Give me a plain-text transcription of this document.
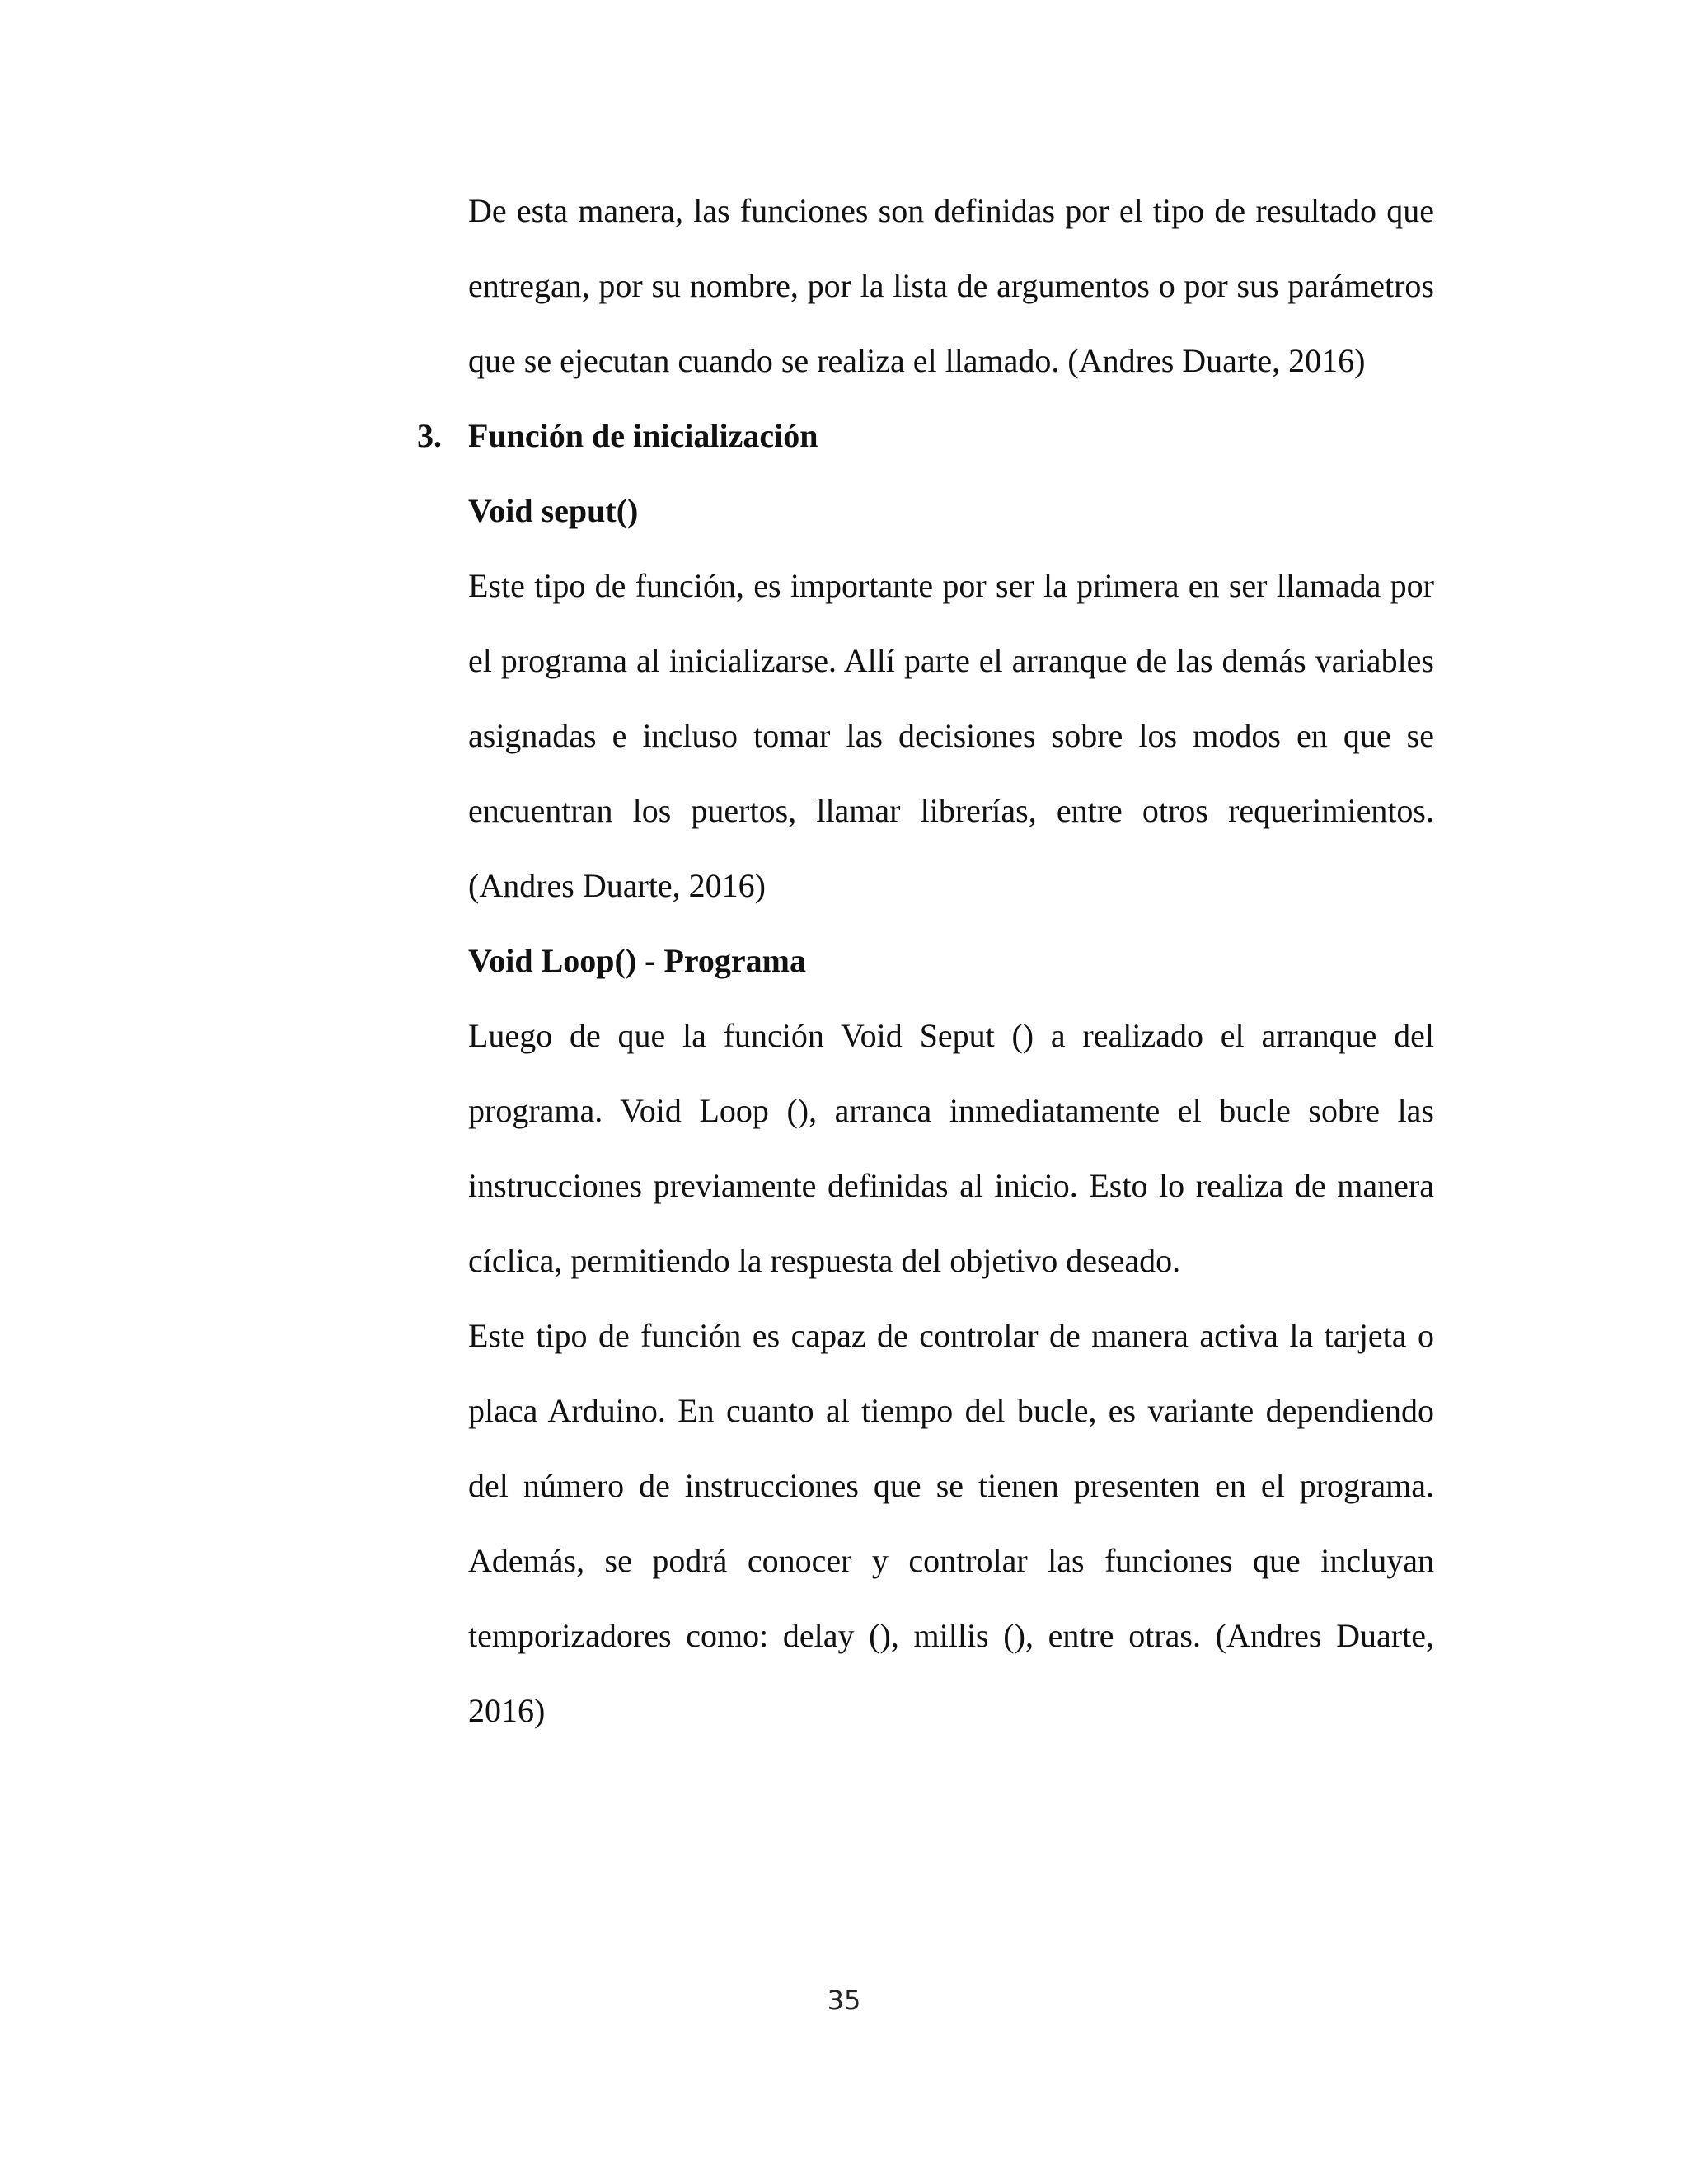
De esta manera, las funciones son definidas por el tipo de resultado que entregan, por su nombre, por la lista de argumentos o por sus parámetros que se ejecutan cuando se realiza el llamado. (Andres Duarte, 2016)

3. Función de inicialización
Void seput()

Este tipo de función, es importante por ser la primera en ser llamada por el programa al inicializarse. Allí parte el arranque de las demás variables asignadas e incluso tomar las decisiones sobre los modos en que se encuentran los puertos, llamar librerías, entre otros requerimientos. (Andres Duarte, 2016)

Void Loop() - Programa

Luego de que la función Void Seput () a realizado el arranque del programa. Void Loop (), arranca inmediatamente el bucle sobre las instrucciones previamente definidas al inicio. Esto lo realiza de manera cíclica, permitiendo la respuesta del objetivo deseado.

Este tipo de función es capaz de controlar de manera activa la tarjeta o placa Arduino. En cuanto al tiempo del bucle, es variante dependiendo del número de instrucciones que se tienen presenten en el programa. Además, se podrá conocer y controlar las funciones que incluyan temporizadores como: delay (), millis (), entre otras. (Andres Duarte, 2016)

35
